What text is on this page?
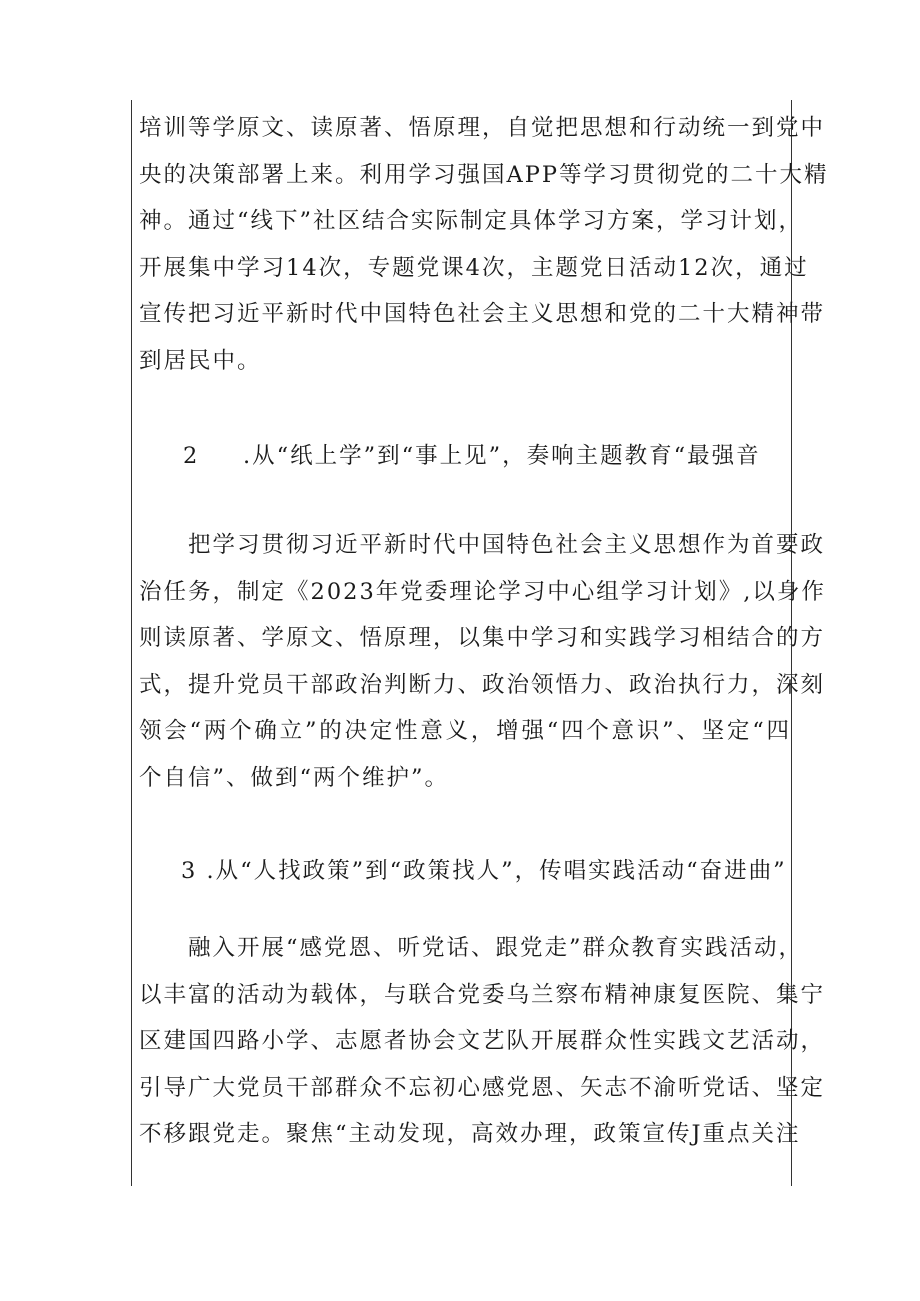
培训等学原文、读原著、悟原理，自觉把思想和行动统一到党中
央的决策部署上来。利用学习强国APP等学习贯彻党的二十大精
神。通过“线下”社区结合实际制定具体学习方案，学习计划，
开展集中学习14次，专题党课4次，主题党日活动12次，通过
宣传把习近平新时代中国特色社会主义思想和党的二十大精神带
到居民中。
2 .从“纸上学”到“事上见”，奏响主题教育“最强音
　　把学习贯彻习近平新时代中国特色社会主义思想作为首要政
治任务，制定《2023年党委理论学习中心组学习计划》,以身作
则读原著、学原文、悟原理，以集中学习和实践学习相结合的方
式，提升党员干部政治判断力、政治领悟力、政治执行力，深刻
领会“两个确立”的决定性意义，增强“四个意识”、坚定“四
个自信”、做到“两个维护”。
3 .从“人找政策”到“政策找人”，传唱实践活动“奋进曲”
　　融入开展“感党恩、听党话、跟党走”群众教育实践活动，
以丰富的活动为载体，与联合党委乌兰察布精神康复医院、集宁
区建国四路小学、志愿者协会文艺队开展群众性实践文艺活动，
引导广大党员干部群众不忘初心感党恩、矢志不渝听党话、坚定
不移跟党走。聚焦“主动发现，高效办理，政策宣传J重点关注
